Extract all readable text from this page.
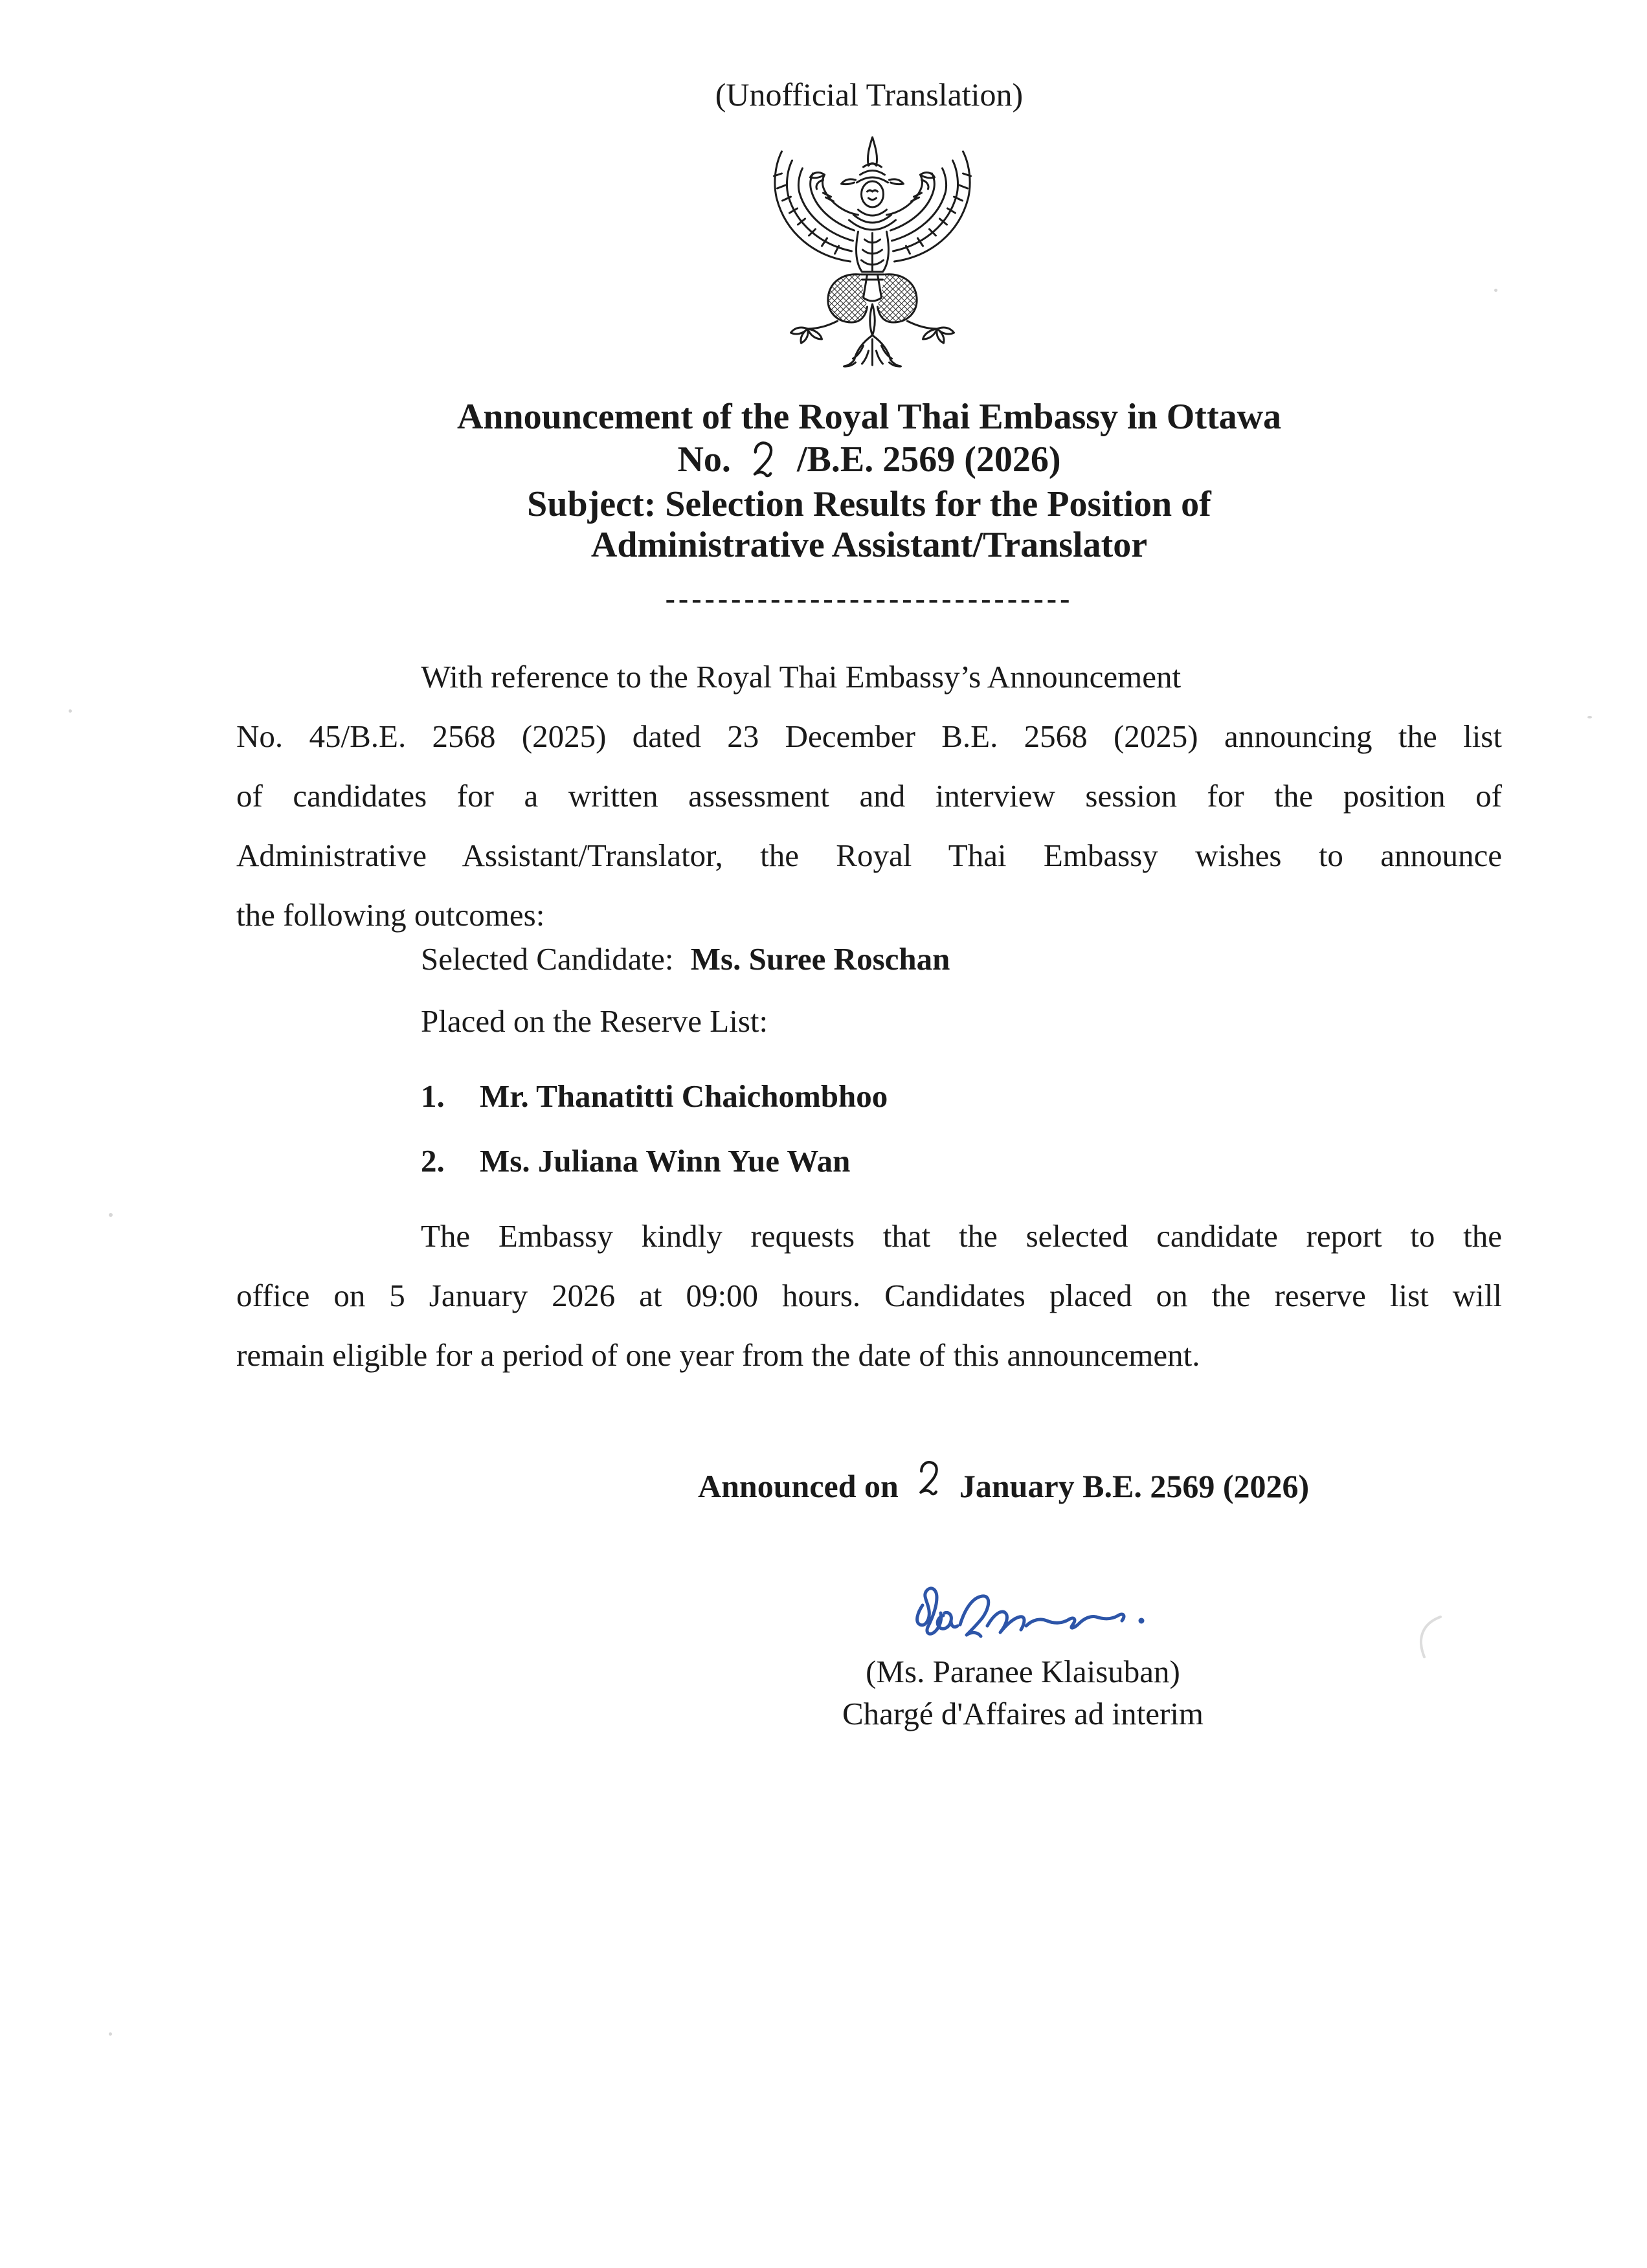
(Unofficial Translation)
Announcement of the Royal Thai Embassy in Ottawa
No. /B.E. 2569 (2026)
Subject: Selection Results for the Position of
Administrative Assistant/Translator
-------------------------------
With reference to the Royal Thai Embassy’s Announcement
No. 45/B.E. 2568 (2025) dated 23 December B.E. 2568 (2025) announcing the list
of candidates for a written assessment and interview session for the position of
Administrative Assistant/Translator, the Royal Thai Embassy wishes to announce
the following outcomes:
Selected Candidate: Ms. Suree Roschan
Placed on the Reserve List:
1. Mr. Thanatitti Chaichombhoo
2. Ms. Juliana Winn Yue Wan
The Embassy kindly requests that the selected candidate report to the
office on 5 January 2026 at 09:00 hours. Candidates placed on the reserve list will
remain eligible for a period of one year from the date of this announcement.
Announced on January B.E. 2569 (2026)
(Ms. Paranee Klaisuban)
Chargé d'Affaires ad interim
